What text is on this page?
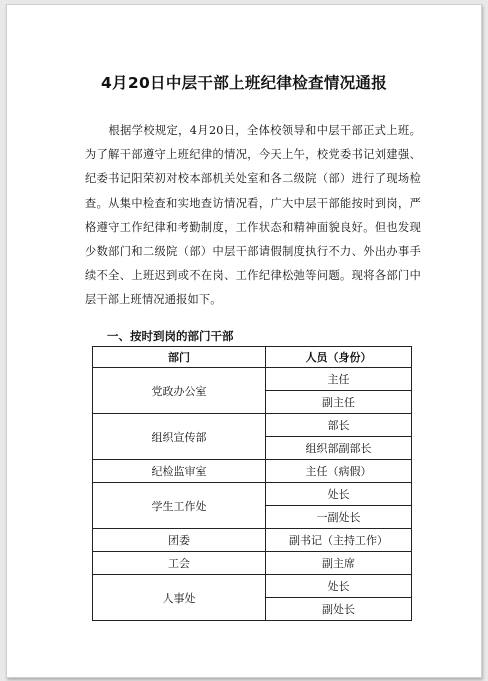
4月20日中层干部上班纪律检查情况通报

根据学校规定，4月20日，全体校领导和中层干部正式上班。为了解干部遵守上班纪律的情况，今天上午，校党委书记刘建强、纪委书记阳荣初对校本部机关处室和各二级院（部）进行了现场检查。从集中检查和实地查访情况看，广大中层干部能按时到岗，严格遵守工作纪律和考勤制度，工作状态和精神面貌良好。但也发现少数部门和二级院（部）中层干部请假制度执行不力、外出办事手续不全、上班迟到或不在岗、工作纪律松弛等问题。现将各部门中层干部上班情况通报如下。

一、按时到岗的部门干部
部门	人员（身份）
党政办公室	主任
	副主任
组织宣传部	部长
	组织部副部长
纪检监审室	主任（病假）
学生工作处	处长
	一副处长
团委	副书记（主持工作）
工会	副主席
人事处	处长
	副处长
